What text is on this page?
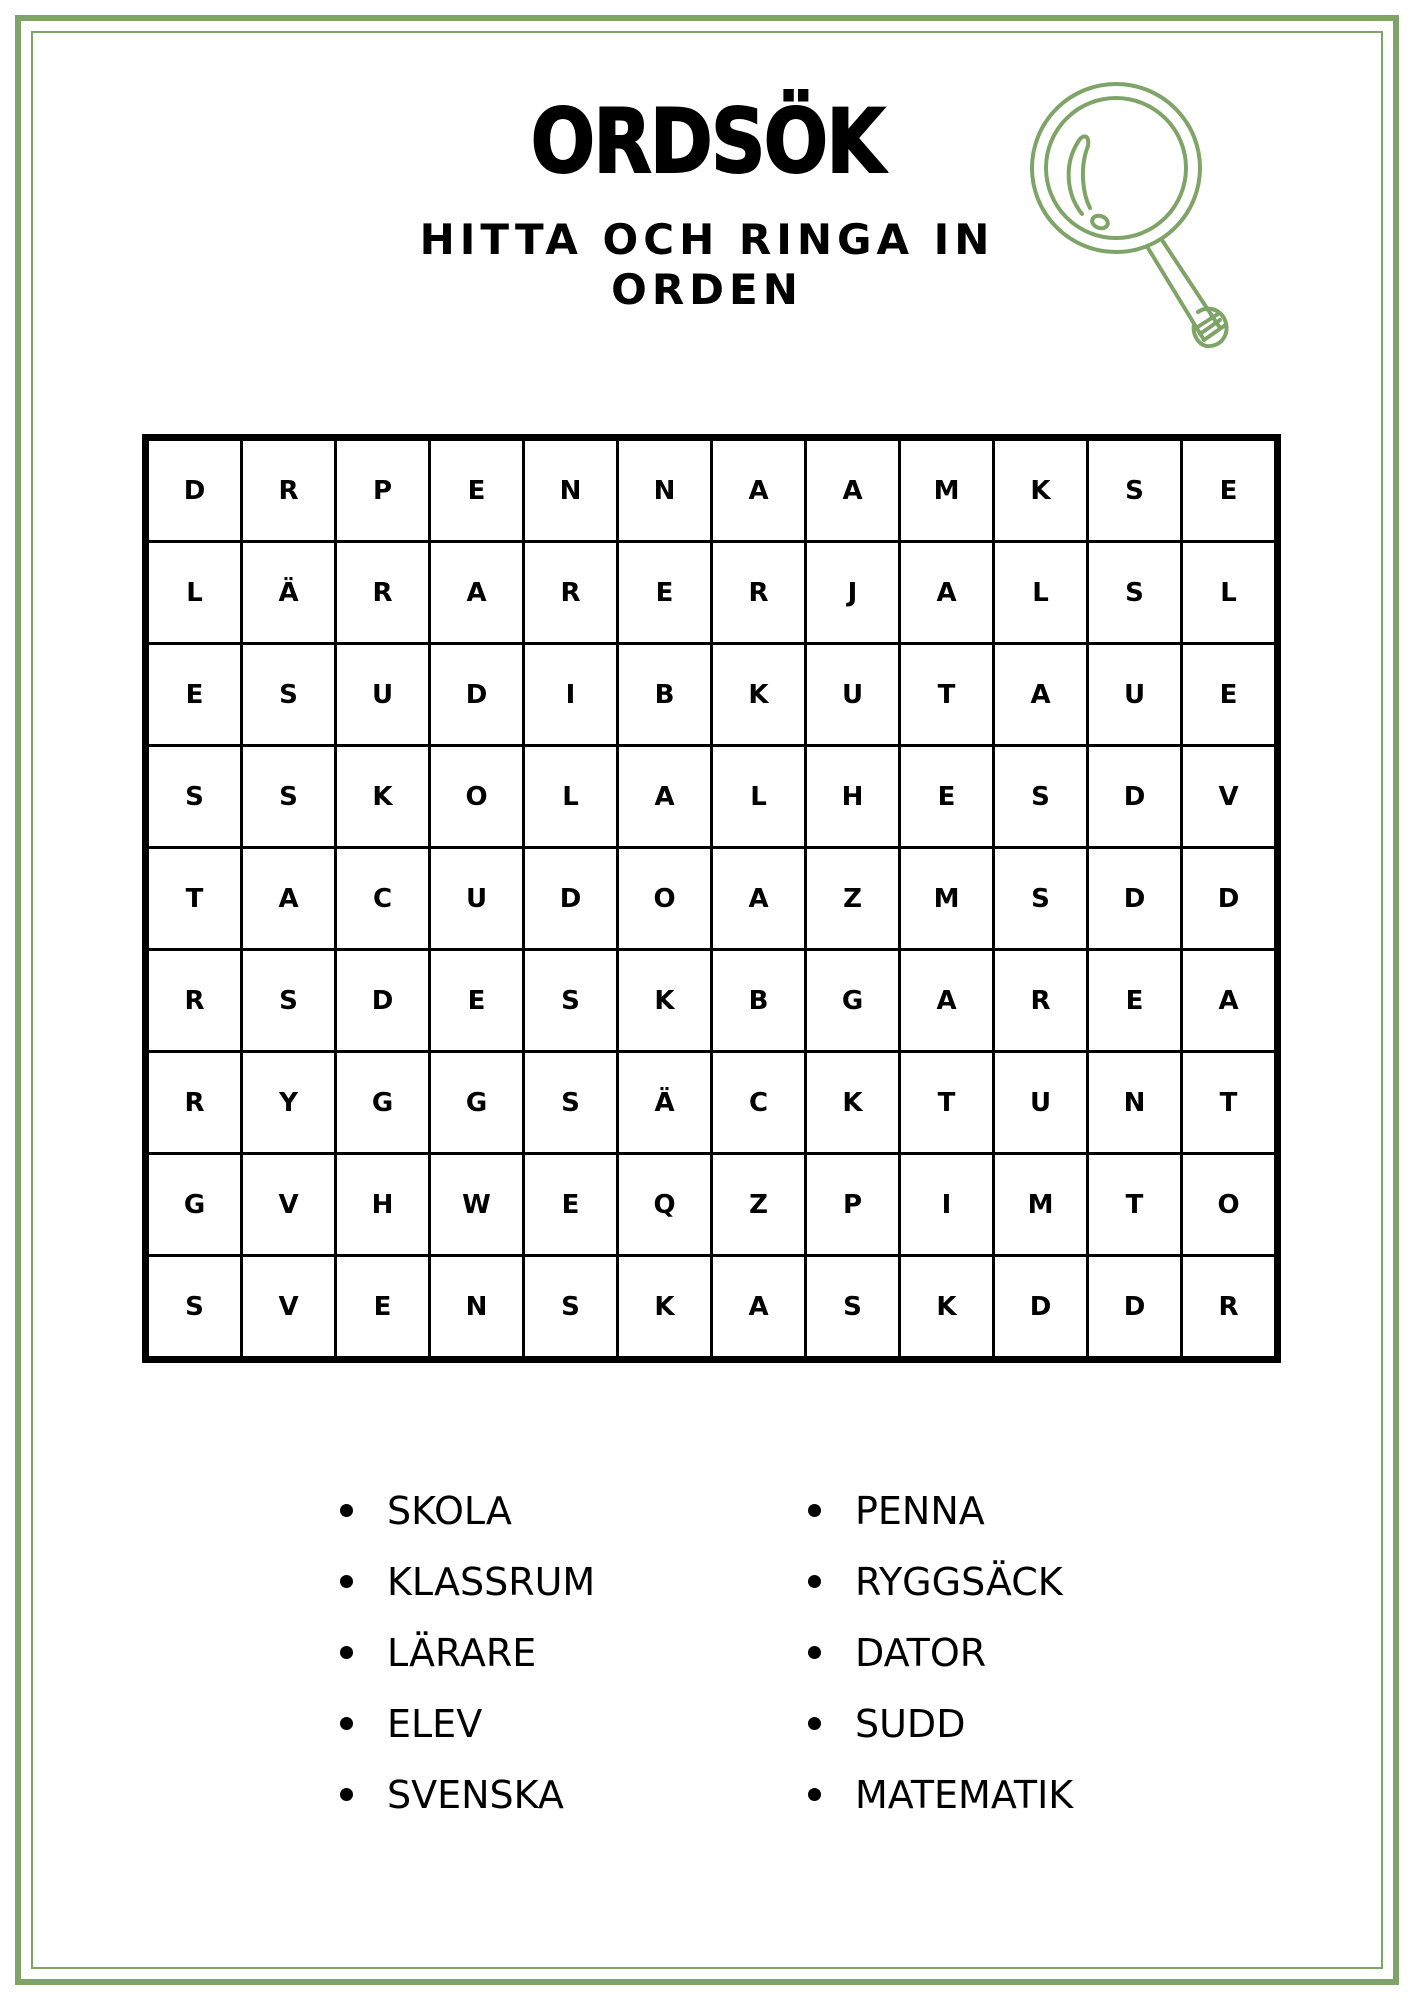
ORDSÖK
HITTA OCH RINGA IN
ORDEN
D	R	P	E	N	N	A	A	M	K	S	E
L	Ä	R	A	R	E	R	J	A	L	S	L
E	S	U	D	I	B	K	U	T	A	U	E
S	S	K	O	L	A	L	H	E	S	D	V
T	A	C	U	D	O	A	Z	M	S	D	D
R	S	D	E	S	K	B	G	A	R	E	A
R	Y	G	G	S	Ä	C	K	T	U	N	T
G	V	H	W	E	Q	Z	P	I	M	T	O
S	V	E	N	S	K	A	S	K	D	D	R
SKOLA
KLASSRUM
LÄRARE
ELEV
SVENSKA
PENNA
RYGGSÄCK
DATOR
SUDD
MATEMATIK
